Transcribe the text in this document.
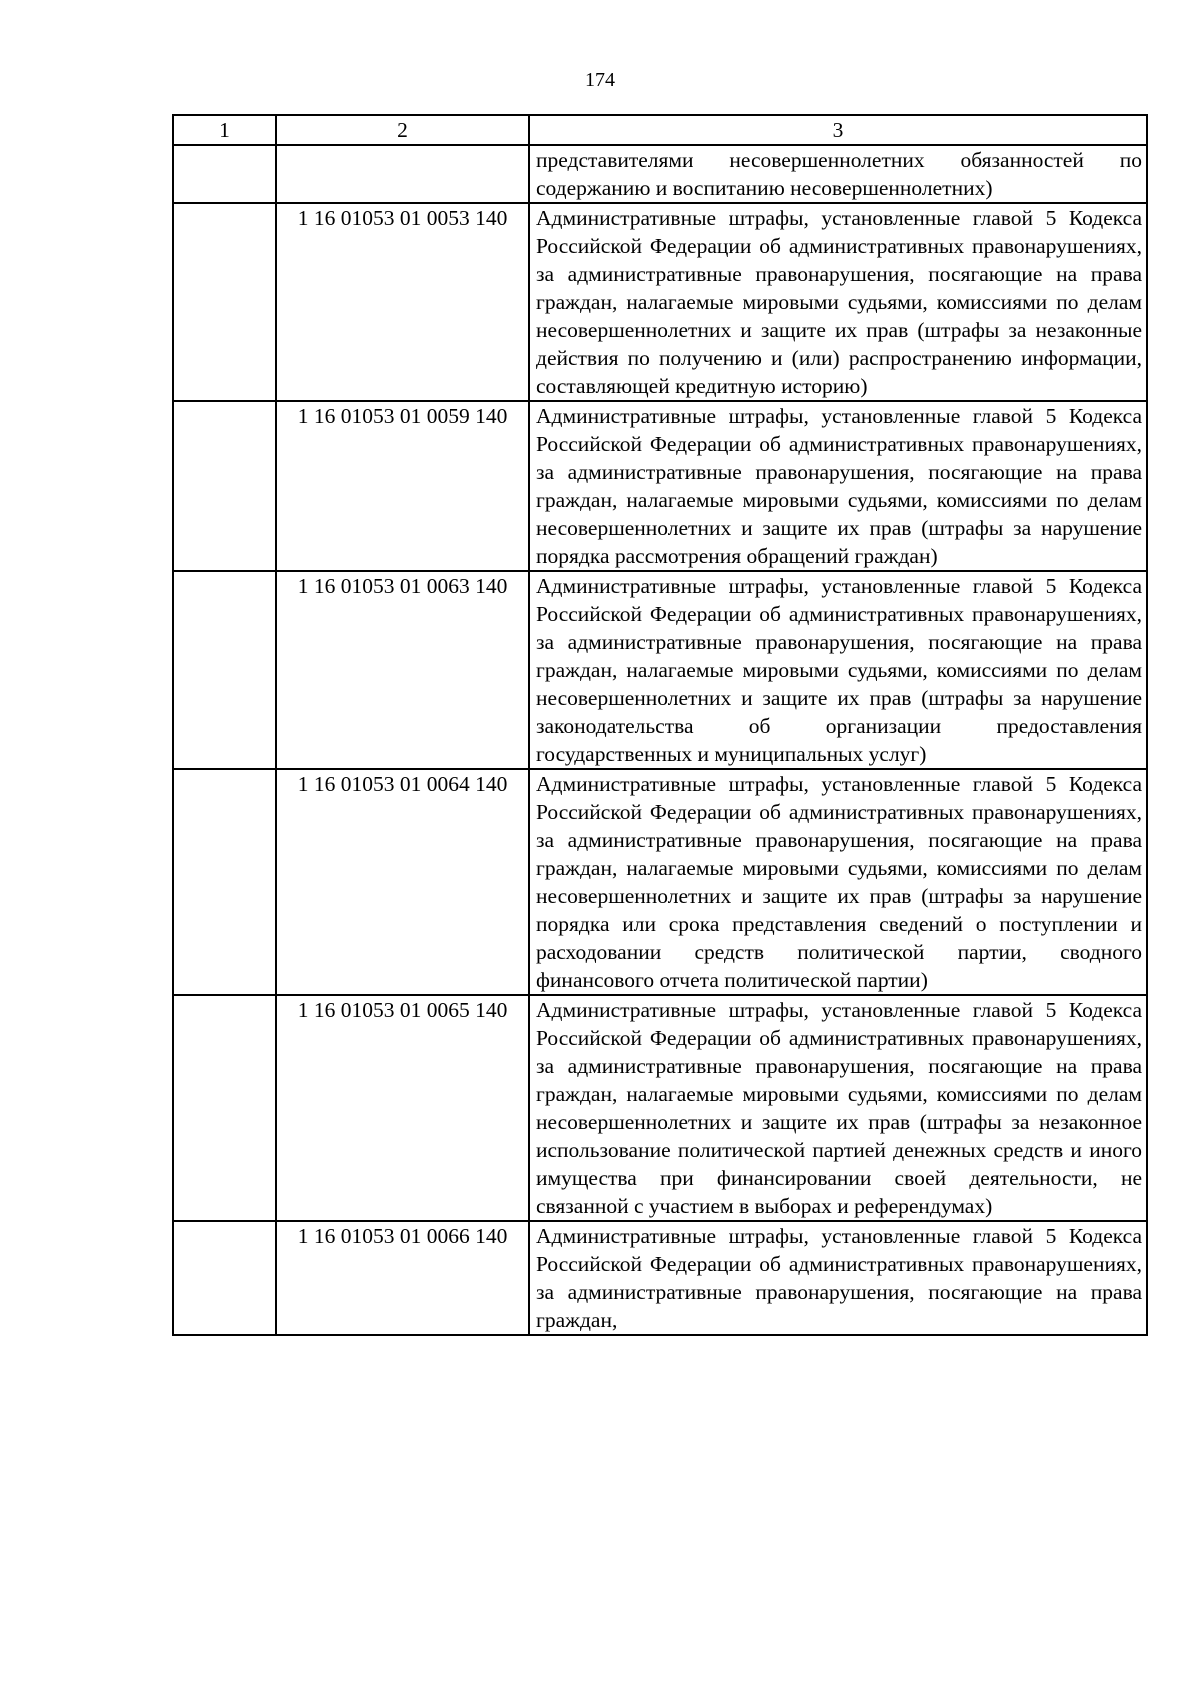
174
1	2	3
		представителями несовершеннолетних обязанностей по содержанию и воспитанию несовершеннолетних)
	1 16 01053 01 0053 140	Административные штрафы, установленные главой 5 Кодекса Российской Федерации об административных правонарушениях, за административные правонарушения, посягающие на права граждан, налагаемые мировыми судьями, комиссиями по делам несовершеннолетних и защите их прав (штрафы за незаконные действия по получению и (или) распространению информации, составляющей кредитную историю)
	1 16 01053 01 0059 140	Административные штрафы, установленные главой 5 Кодекса Российской Федерации об административных правонарушениях, за административные правонарушения, посягающие на права граждан, налагаемые мировыми судьями, комиссиями по делам несовершеннолетних и защите их прав (штрафы за нарушение порядка рассмотрения обращений граждан)
	1 16 01053 01 0063 140	Административные штрафы, установленные главой 5 Кодекса Российской Федерации об административных правонарушениях, за административные правонарушения, посягающие на права граждан, налагаемые мировыми судьями, комиссиями по делам несовершеннолетних и защите их прав (штрафы за нарушение законодательства об организации предоставления государственных и муниципальных услуг)
	1 16 01053 01 0064 140	Административные штрафы, установленные главой 5 Кодекса Российской Федерации об административных правонарушениях, за административные правонарушения, посягающие на права граждан, налагаемые мировыми судьями, комиссиями по делам несовершеннолетних и защите их прав (штрафы за нарушение порядка или срока представления сведений о поступлении и расходовании средств политической партии, сводного финансового отчета политической партии)
	1 16 01053 01 0065 140	Административные штрафы, установленные главой 5 Кодекса Российской Федерации об административных правонарушениях, за административные правонарушения, посягающие на права граждан, налагаемые мировыми судьями, комиссиями по делам несовершеннолетних и защите их прав (штрафы за незаконное использование политической партией денежных средств и иного имущества при финансировании своей деятельности, не связанной с участием в выборах и референдумах)
	1 16 01053 01 0066 140	Административные штрафы, установленные главой 5 Кодекса Российской Федерации об административных правонарушениях, за административные правонарушения, посягающие на права граждан,
